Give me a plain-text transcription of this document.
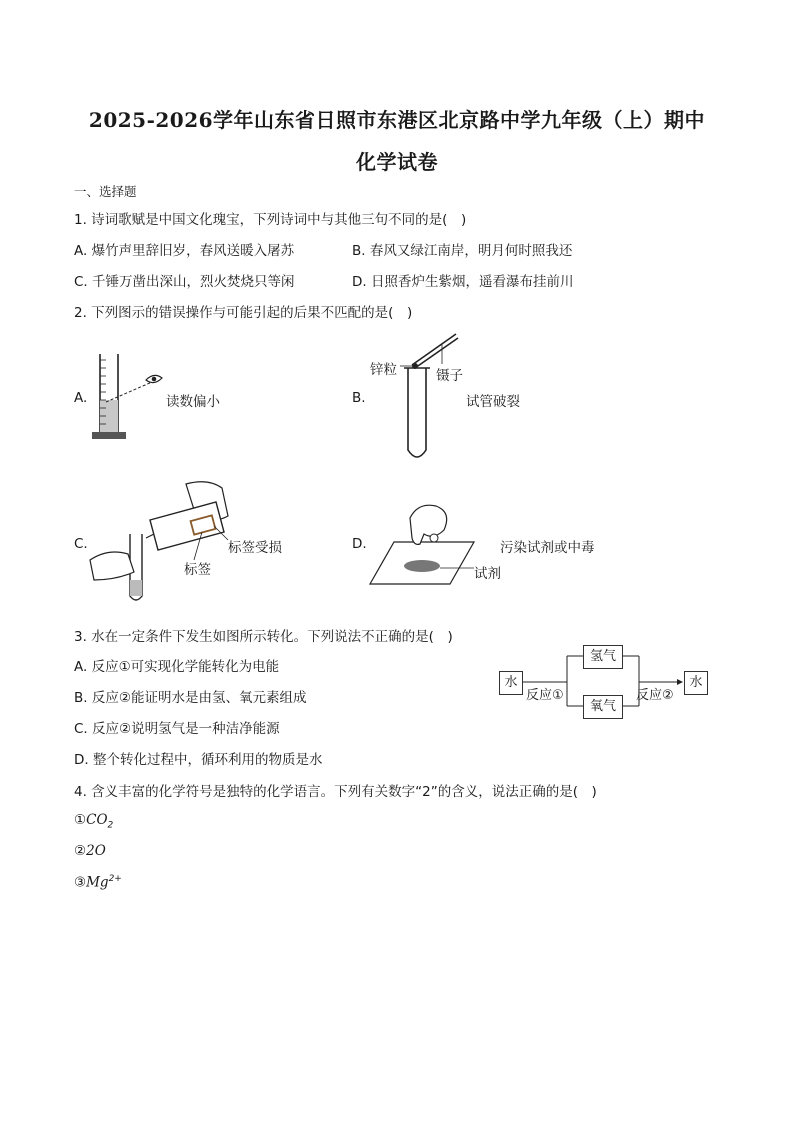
2025-2026学年山东省日照市东港区北京路中学九年级（上）期中
化学试卷
一、选择题
1. 诗词歌赋是中国文化瑰宝，下列诗词中与其他三句不同的是(　)
A. 爆竹声里辞旧岁，春风送暖入屠苏	B. 春风又绿江南岸，明月何时照我还
C. 千锤万凿出深山，烈火焚烧只等闲	D. 日照香炉生紫烟，遥看瀑布挂前川
2. 下列图示的错误操作与可能引起的后果不匹配的是(　)
A.	读数偏小	B.
锌粒	镊子
试管破裂
C.	标签受损
标签
D.	污染试剂或中毒
试剂
3. 水在一定条件下发生如图所示转化。下列说法不正确的是(　)
A. 反应①可实现化学能转化为电能
B. 反应②能证明水是由氢、氧元素组成
C. 反应②说明氢气是一种洁净能源
D. 整个转化过程中，循环利用的物质是水
水
氢气
氧气
水
反应①	反应②
4. 含义丰富的化学符号是独特的化学语言。下列有关数字“2”的含义，说法正确的是(　)
$①CO_2$
②2O
$③Mg^{2+}$
